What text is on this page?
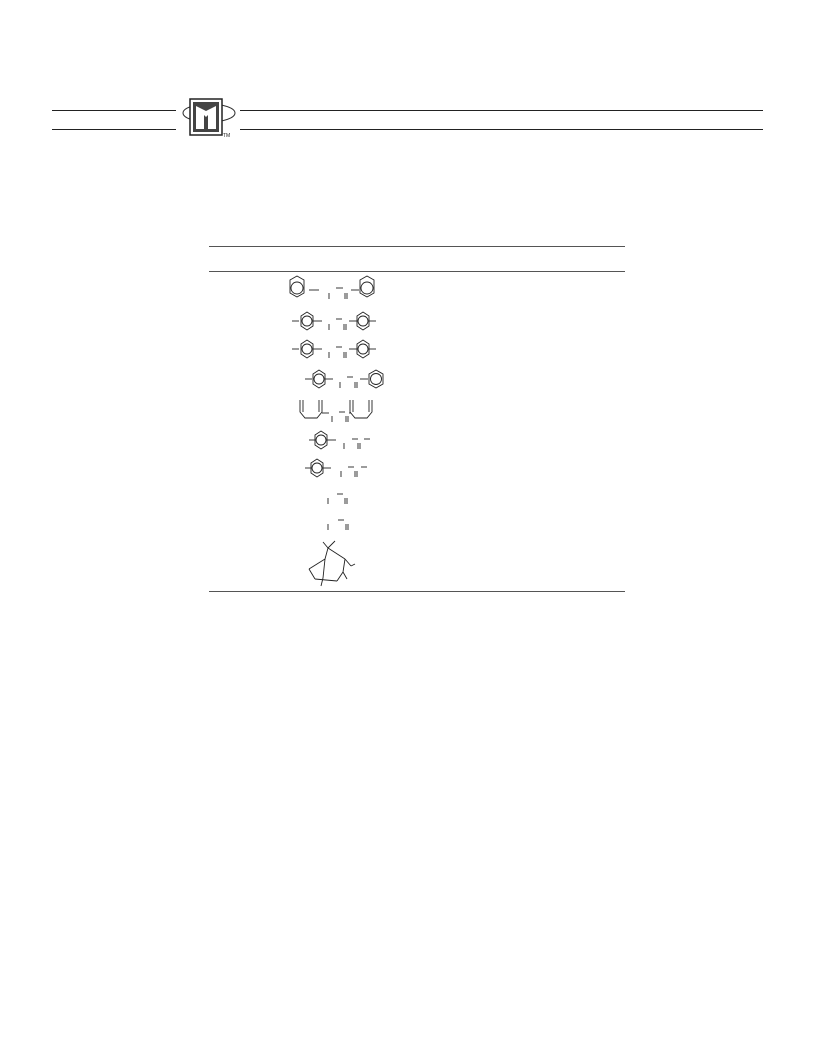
TM
